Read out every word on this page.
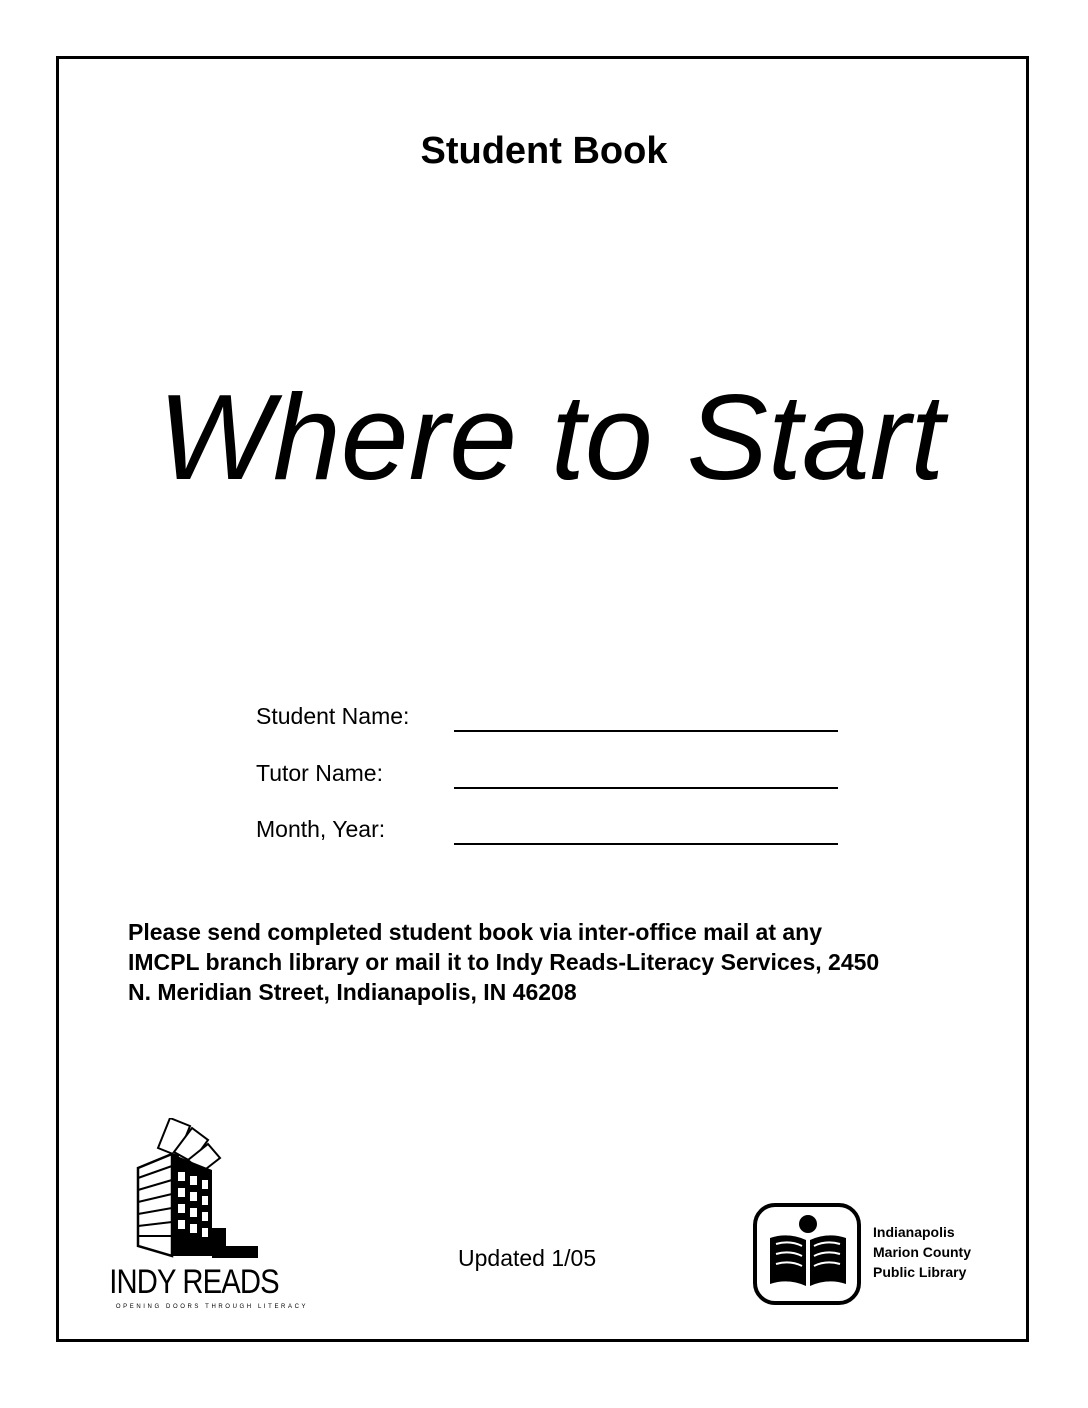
Student Book
Where to Start
Student Name:
Tutor Name:
Month, Year:

Please send completed student book via inter-office mail at any

IMCPL branch library or mail it to Indy Reads-Literacy Services, 2450

N. Meridian Street, Indianapolis, IN 46208

INDY READS
OPENING DOORS THROUGH LITERACY
Updated 1/05
Indianapolis
Marion County
Public Library
